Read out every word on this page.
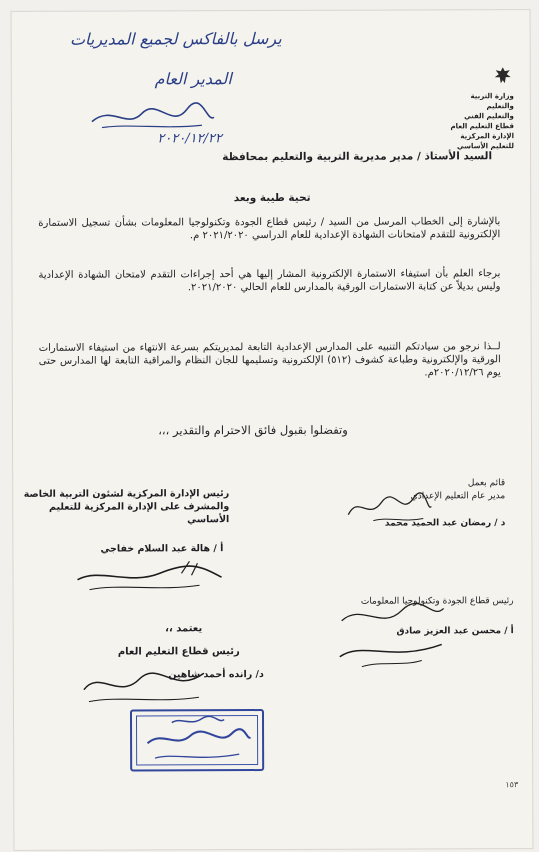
يرسل بالفاكس لجميع المديريات
المدير العام
٢٠٢٠/١٢/٢٢
وزارة التربية والتعليم
والتعليم الفني
قطاع التعليم العام
الإدارة المركزية للتعليم الأساسي
السيد الأستاذ / مدير مديرية التربية والتعليم بمحافظة
تحية طيبة وبعد
بالإشارة إلى الخطاب المرسل من السيد / رئيس قطاع الجودة وتكنولوجيا المعلومات بشأن تسجيل الاستمارة الإلكترونية للتقدم لامتحانات الشهادة الإعدادية للعام الدراسي ٢٠٢١/٢٠٢٠ م.
برجاء العلم بأن استيفاء الاستمارة الإلكترونية المشار إليها هي أحد إجراءات التقدم لامتحان الشهادة الإعدادية وليس بديلاً عن كتابة الاستمارات الورقية بالمدارس للعام الحالي ٢٠٢١/٢٠٢٠.
لــذا نرجو من سيادتكم التنبيه على المدارس الإعدادية التابعة لمديريتكم بسرعة الانتهاء من استيفاء الاستمارات الورقية والإلكترونية وطباعة كشوف (٥١٢) الإلكترونية وتسليمها للجان النظام والمراقبة التابعة لها المدارس حتى يوم ٢٠٢٠/١٢/٢٦م.
وتفضلوا بقبول فائق الاحترام والتقدير ،،،
قائم بعمل
مدير عام التعليم الإعدادي
د / رمضان عبد الحميد محمد
رئيس الإدارة المركزية لشئون التربية الخاصة والمشرف على الإدارة المركزية للتعليم الأساسي
أ / هالة عبد السلام خفاجي
رئيس قطاع الجودة وتكنولوجيا المعلومات
أ / محسن عبد العزيز صادق
يعتمد ،،
رئيس قطاع التعليم العام
د/ رانده أحمد شاهين
١٥٣
